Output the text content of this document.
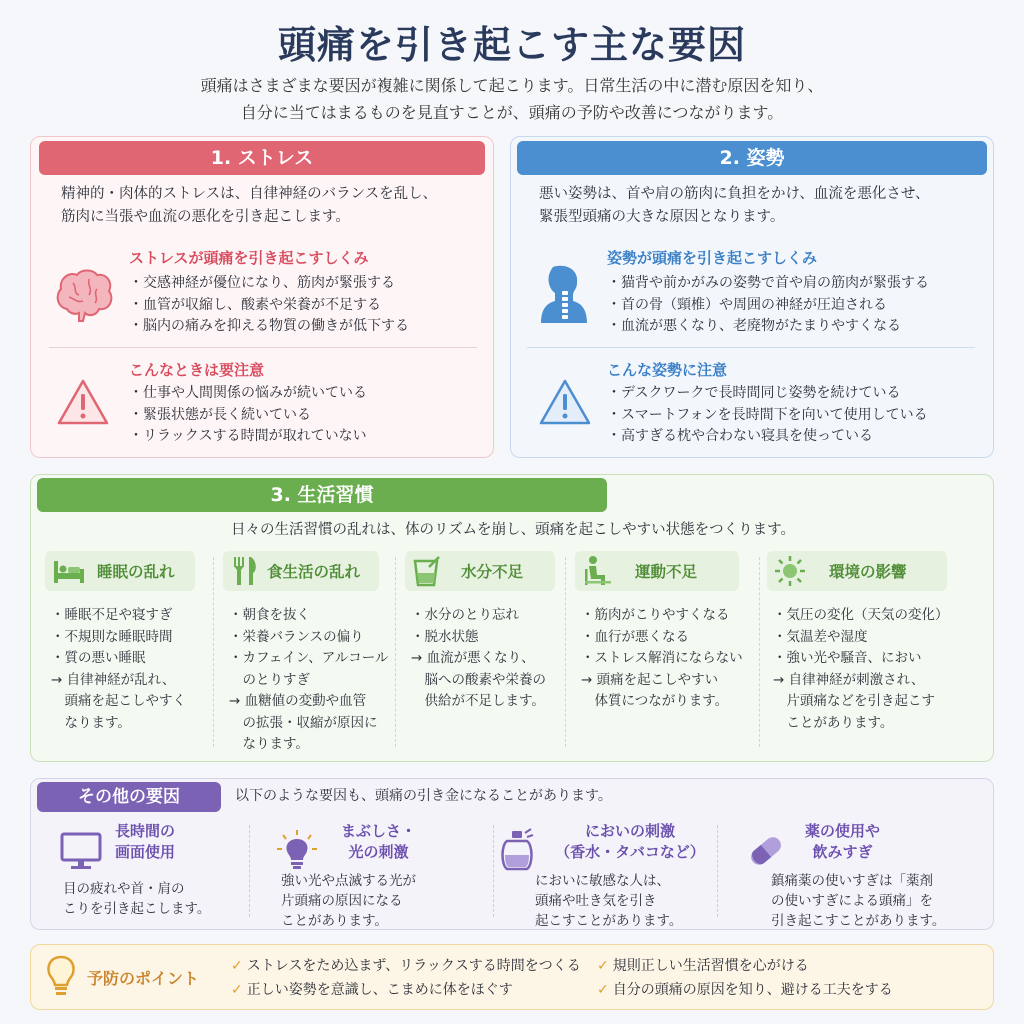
頭痛を引き起こす主な要因
頭痛はさまざまな要因が複雑に関係して起こります。日常生活の中に潜む原因を知り、
自分に当てはまるものを見直すことが、頭痛の予防や改善につながります。
1. ストレス
精神的・肉体的ストレスは、自律神経のバランスを乱し、
筋肉に当張や血流の悪化を引き起こします。
ストレスが頭痛を引き起こすしくみ
・ 交感神経が優位になり、筋肉が緊張する
・ 血管が収縮し、酸素や栄養が不足する
・ 脳内の痛みを抑える物質の働きが低下する
こんなときは要注意
・ 仕事や人間関係の悩みが続いている
・ 緊張状態が長く続いている
・ リラックスする時間が取れていない
2. 姿勢
悪い姿勢は、首や肩の筋肉に負担をかけ、血流を悪化させ、
緊張型頭痛の大きな原因となります。
姿勢が頭痛を引き起こすしくみ
・ 猫背や前かがみの姿勢で首や肩の筋肉が緊張する
・ 首の骨（頸椎）や周囲の神経が圧迫される
・ 血流が悪くなり、老廃物がたまりやすくなる
こんな姿勢に注意
・ デスクワークで長時間同じ姿勢を続けている
・ スマートフォンを長時間下を向いて使用している
・ 高すぎる枕や合わない寝具を使っている
3. 生活習慣
日々の生活習慣の乱れは、体のリズムを崩し、頭痛を起こしやすい状態をつくります。
睡眠の乱れ
・睡眠不足や寝すぎ
・不規則な睡眠時間
・質の悪い睡眠
→ 自律神経が乱れ、
　頭痛を起こしやすく
　なります。
食生活の乱れ
・朝食を抜く
・栄養バランスの偏り
・カフェイン、アルコール
　のとりすぎ
→ 血糖値の変動や血管
　の拡張・収縮が原因に
　なります。
水分不足
・水分のとり忘れ
・脱水状態
→ 血流が悪くなり、
　脳への酸素や栄養の
　供給が不足します。
運動不足
・筋肉がこりやすくなる
・血行が悪くなる
・ストレス解消にならない
→ 頭痛を起こしやすい
　体質につながります。
環境の影響
・気圧の変化（天気の変化）
・気温差や湿度
・強い光や騒音、におい
→ 自律神経が刺激され、
　片頭痛などを引き起こす
　ことがあります。
その他の要因	以下のような要因も、頭痛の引き金になることがあります。
長時間の
画面使用
目の疲れや首・肩の
こりを引き起こします。
まぶしさ・
光の刺激
強い光や点滅する光が
片頭痛の原因になる
ことがあります。
においの刺激
（香水・タバコなど）
においに敏感な人は、
頭痛や吐き気を引き
起こすことがあります。
薬の使用や
飲みすぎ
鎮痛薬の使いすぎは「薬剤
の使いすぎによる頭痛」を
引き起こすことがあります。
予防のポイント
✓ ストレスをため込まず、リラックスする時間をつくる ✓ 規則正しい生活習慣を心がける
✓ 正しい姿勢を意識し、こまめに体をほぐす	✓ 自分の頭痛の原因を知り、避ける工夫をする
